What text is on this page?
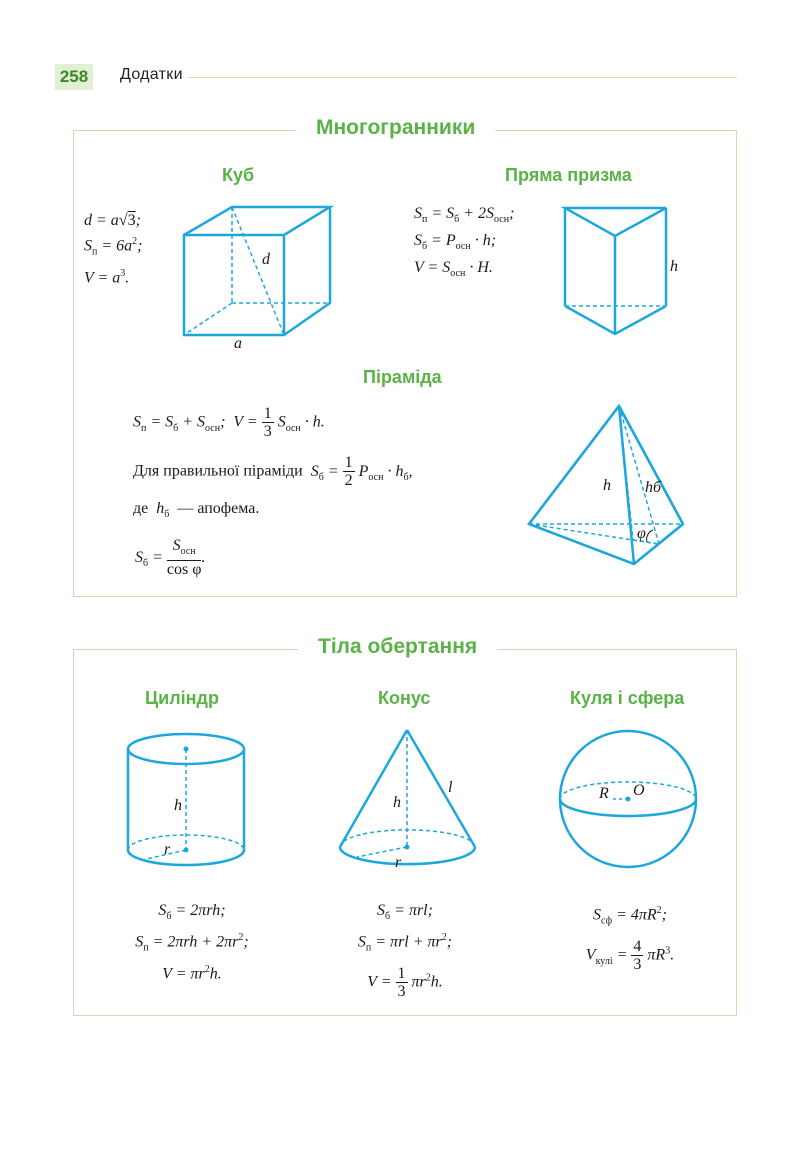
258	Додатки
Многогранники
Куб
d = a√3;
$S_п = 6a^2$;
$V = a^3$.
d
a
Пряма призма
$S_п = S_б + 2S_{осн}$;
$S_б = P_{осн} \cdot h$;
$V = S_{осн} \cdot H$.	h
Піраміда
$S_п = S_б + S_{осн}$;  $V = \frac{1}{3} S_{осн} \cdot h$.
Для правильної піраміди  $S_б = \frac{1}{2} P_{осн} \cdot h_б$,
де  $h_б$ — апофема.
$S_б = \frac{S_{осн}}{\text{cos φ}}$ .
h hб
φ
Тіла обертання
Циліндр
h
r
$S_б = 2\pi rh$;
$S_п = 2\pi rh + 2\pi r^2$;
$V = \pi r^2h$.
Конус
h
l
r
$S_б = \pi rl$;
$S_п = \pi rl + \pi r^2$;
$V = \frac{1}{3} \pi r^2h$.
Куля і сфера
R O
$S_{сф} = 4\pi R^2$;
$V_{кулі} = \frac{4}{3} \pi R^3$.
